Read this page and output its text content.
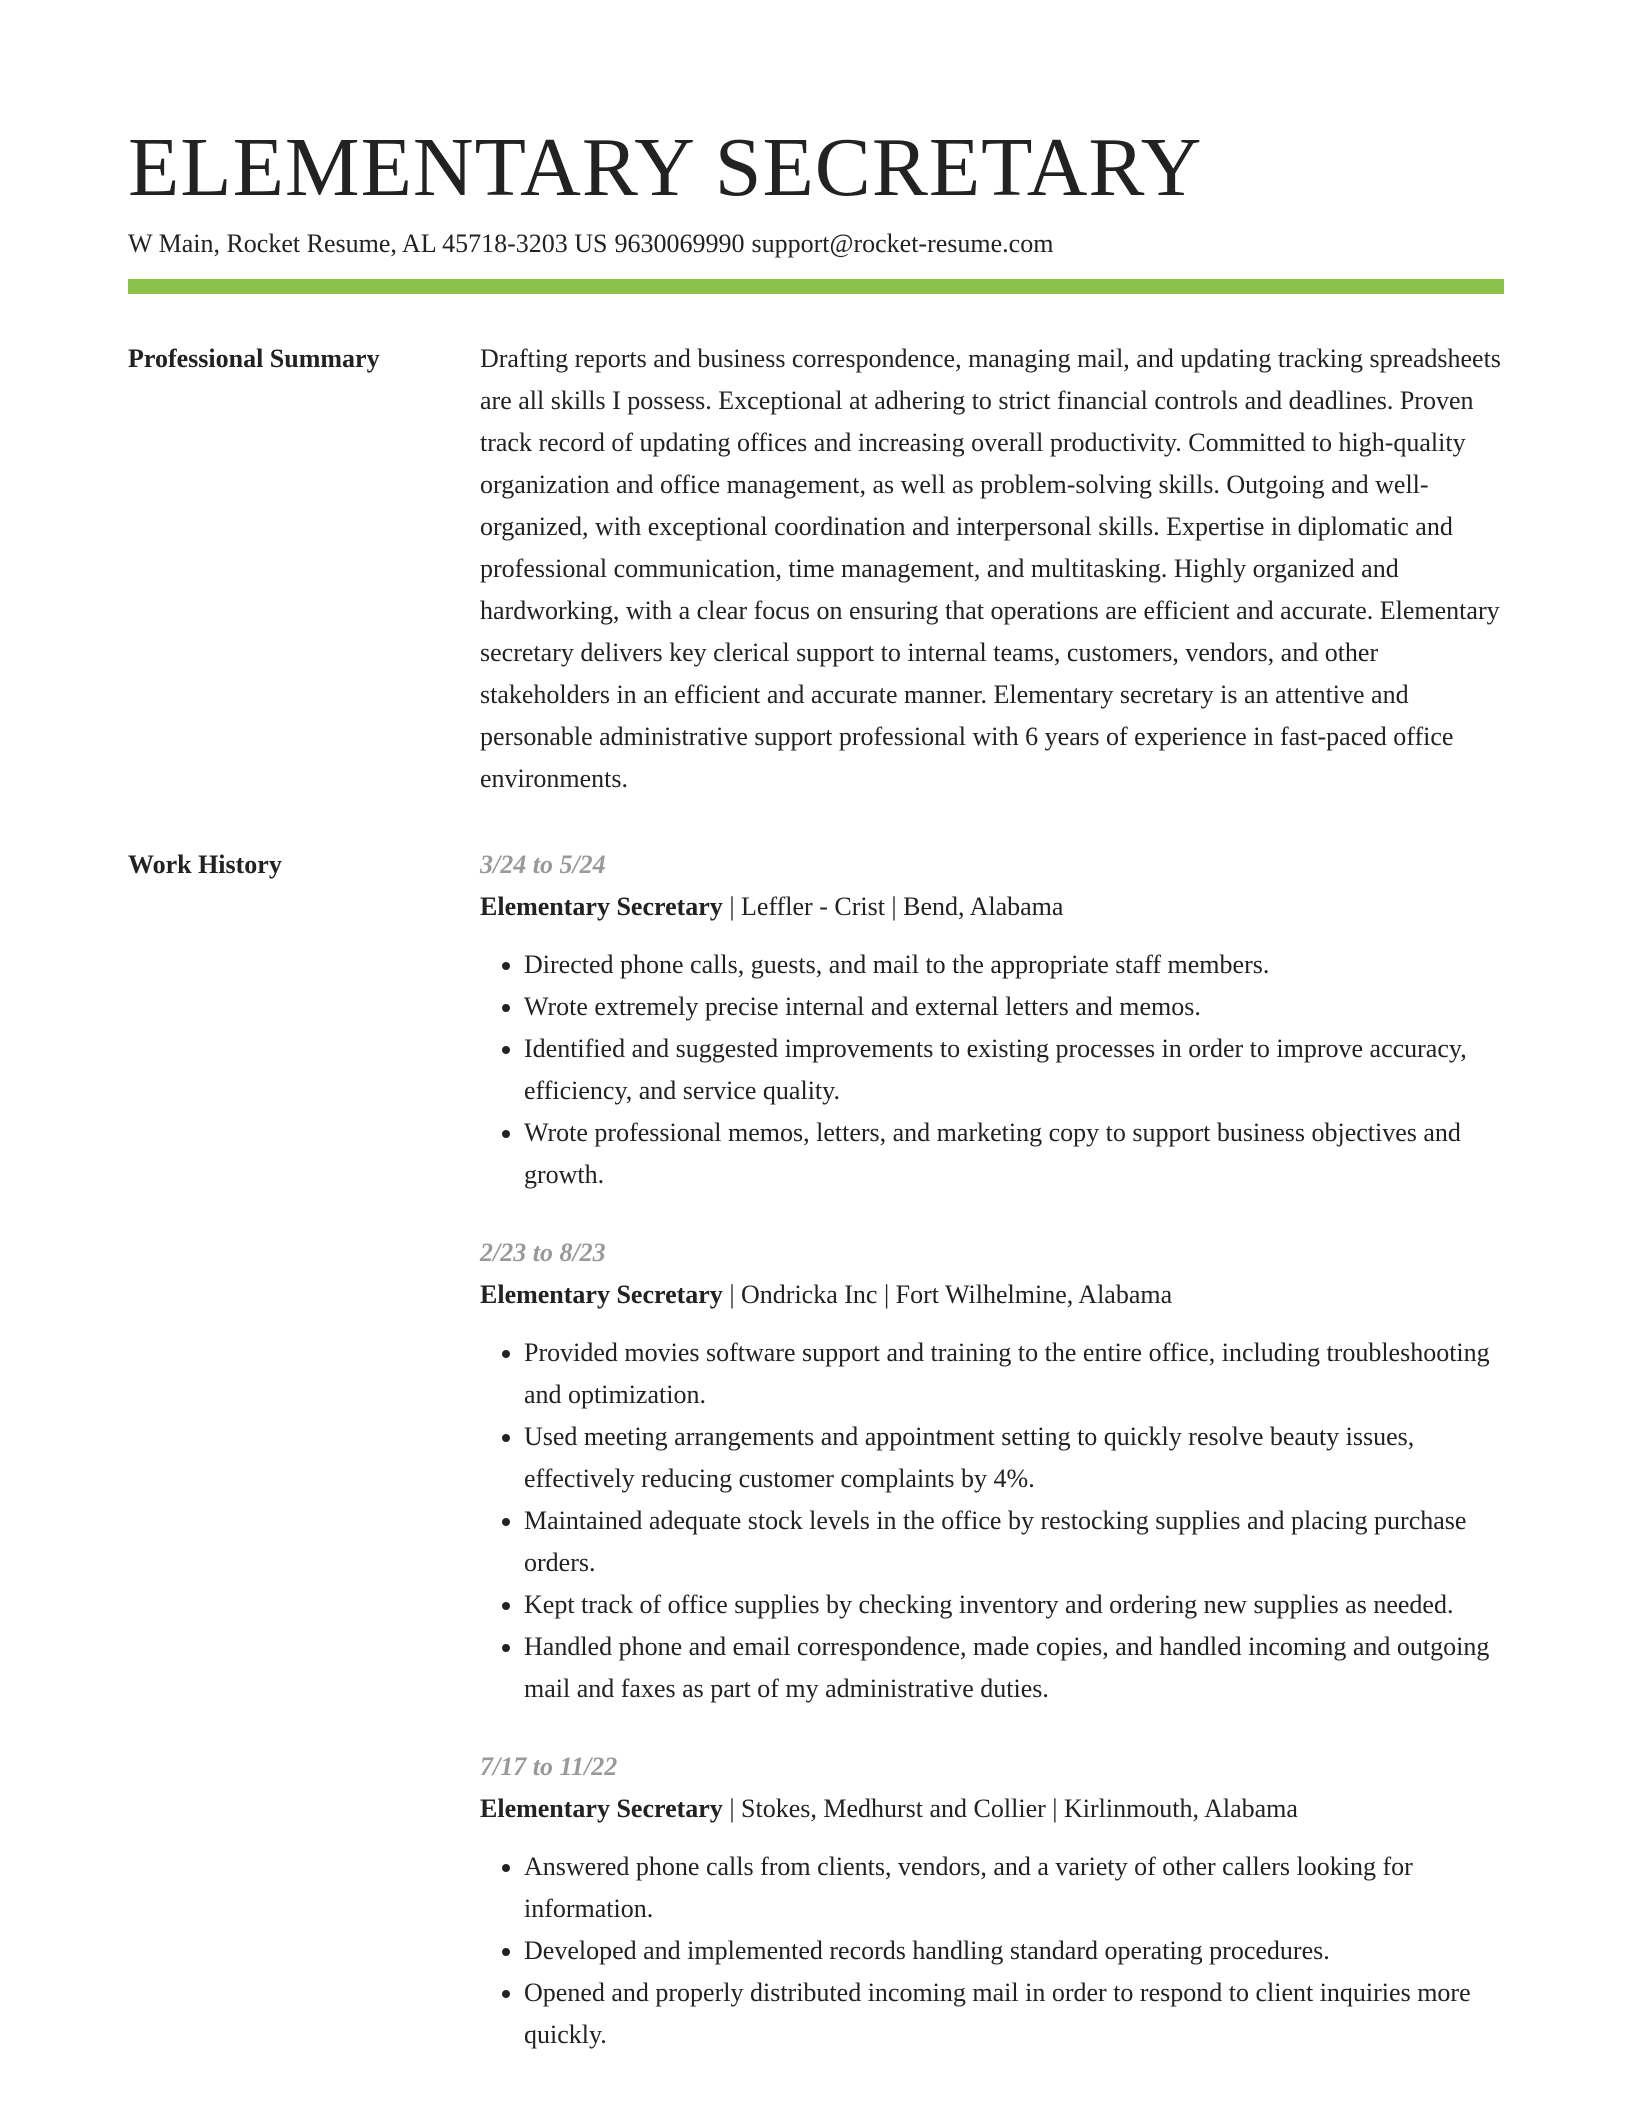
ELEMENTARY SECRETARY
W Main, Rocket Resume, AL 45718-3203 US 9630069990 support@rocket-resume.com
Professional Summary	Drafting reports and business correspondence, managing mail, and updating tracking spreadsheets are all skills I possess. Exceptional at adhering to strict financial controls and deadlines. Proven track record of updating offices and increasing overall productivity. Committed to high-quality organization and office management, as well as problem-solving skills. Outgoing and well-organized, with exceptional coordination and interpersonal skills. Expertise in diplomatic and professional communication, time management, and multitasking. Highly organized and hardworking, with a clear focus on ensuring that operations are efficient and accurate. Elementary secretary delivers key clerical support to internal teams, customers, vendors, and other stakeholders in an efficient and accurate manner. Elementary secretary is an attentive and personable administrative support professional with 6 years of experience in fast-paced office environments.

Work History	3/24 to 5/24
Elementary Secretary | Leffler - Crist | Bend, Alabama
• Directed phone calls, guests, and mail to the appropriate staff members.
• Wrote extremely precise internal and external letters and memos.
• Identified and suggested improvements to existing processes in order to improve accuracy, efficiency, and service quality.
• Wrote professional memos, letters, and marketing copy to support business objectives and growth.
2/23 to 8/23
Elementary Secretary | Ondricka Inc | Fort Wilhelmine, Alabama
• Provided movies software support and training to the entire office, including troubleshooting and optimization.
• Used meeting arrangements and appointment setting to quickly resolve beauty issues, effectively reducing customer complaints by 4%.
• Maintained adequate stock levels in the office by restocking supplies and placing purchase orders.
• Kept track of office supplies by checking inventory and ordering new supplies as needed.
• Handled phone and email correspondence, made copies, and handled incoming and outgoing mail and faxes as part of my administrative duties.
7/17 to 11/22
Elementary Secretary | Stokes, Medhurst and Collier | Kirlinmouth, Alabama
• Answered phone calls from clients, vendors, and a variety of other callers looking for information.
• Developed and implemented records handling standard operating procedures.
• Opened and properly distributed incoming mail in order to respond to client inquiries more quickly.
